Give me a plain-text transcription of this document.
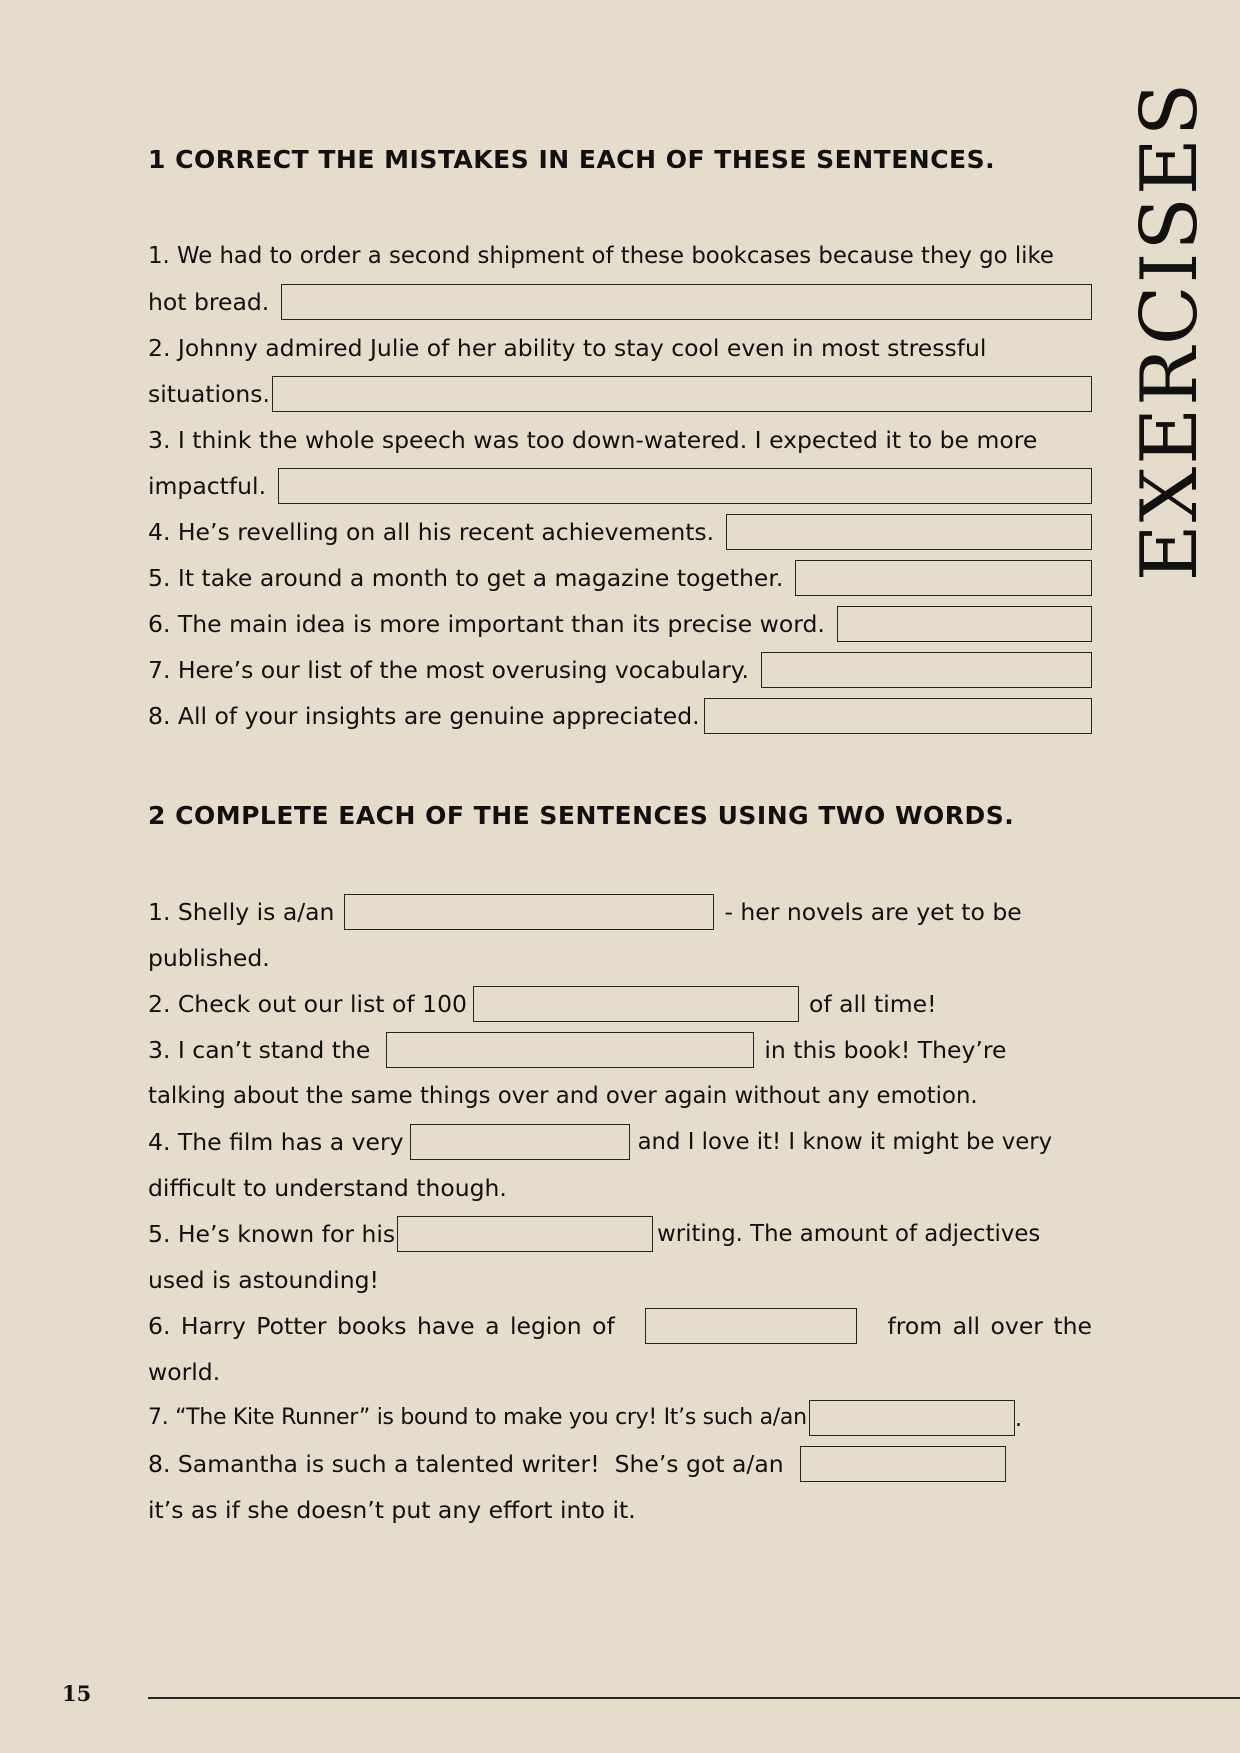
EXERCISES
1 CORRECT THE MISTAKES IN EACH OF THESE SENTENCES.
1. We had to order a second shipment of these bookcases because they go like
hot bread.
2. Johnny admired Julie of her ability to stay cool even in most stressful
situations.
3. I think the whole speech was too down-watered. I expected it to be more
impactful.
4. He’s revelling on all his recent achievements.
5. It take around a month to get a magazine together.
6. The main idea is more important than its precise word.
7. Here’s our list of the most overusing vocabulary.
8. All of your insights are genuine appreciated.
2 COMPLETE EACH OF THE SENTENCES USING TWO WORDS.
1. Shelly is a/an	- her novels are yet to be
published.
2. Check out our list of 100	of all time!
3. I can’t stand the	in this book! They’re
talking about the same things over and over again without any emotion.
4. The film has a very	and I love it! I know it might be very
difficult to understand though.
5. He’s known for his	writing. The amount of adjectives
used is astounding!
6. Harry Potter books have a legion of	from all over the
world.
7. “The Kite Runner” is bound to make you cry! It’s such a/an	.
8. Samantha is such a talented writer!  She’s got a/an
it’s as if she doesn’t put any effort into it.
15
